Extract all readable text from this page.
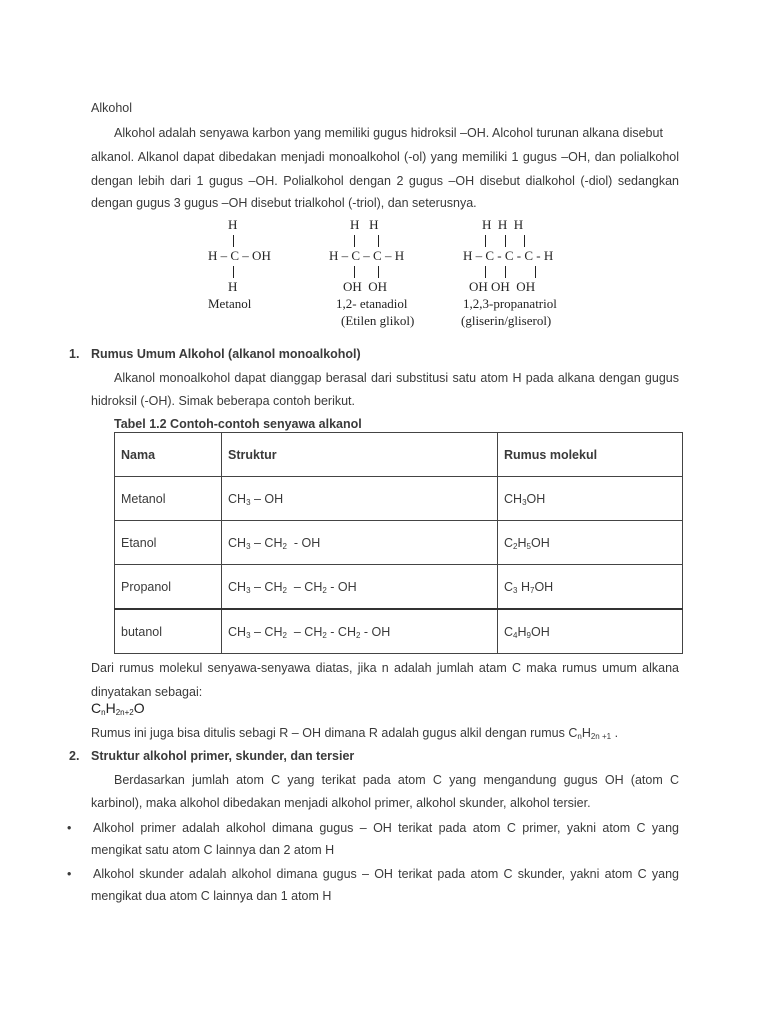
Alkohol
Alkohol adalah senyawa karbon yang memiliki gugus hidroksil –OH. Alcohol turunan alkana disebut
alkanol. Alkanol dapat dibedakan menjadi monoalkohol (-ol) yang memiliki 1 gugus –OH, dan polialkohol
dengan lebih dari 1 gugus –OH. Polialkohol dengan 2 gugus –OH disebut dialkohol (-diol) sedangkan
dengan gugus 3 gugus –OH disebut trialkohol (-triol), dan seterusnya.
H
H – C – OH
H
Metanol
H   H
H – C – C – H
OH  OH
1,2- etanadiol
(Etilen glikol)
H  H  H
H – C - C - C - H
OH OH  OH
1,2,3-propanatriol
(gliserin/gliserol)
1. Rumus Umum Alkohol (alkanol monoalkohol)
Alkanol monoalkohol dapat dianggap berasal dari substitusi satu atom H pada alkana dengan gugus
hidroksil (-OH). Simak beberapa contoh berikut.
Tabel 1.2 Contoh-contoh senyawa alkanol
Nama	Struktur	Rumus molekul
Metanol	$CH_3$ – OH	$CH_3OH$
Etanol	$CH_3 - CH_2$  - OH	$C_2H_5OH$
Propanol	$CH_3 - CH_2 - CH_2$ - OH	$C_3$ $H_7OH$
butanol	$CH_3 - CH_2 - CH_2 - CH_2$ - OH	$C_4H_9OH$
Dari rumus molekul senyawa-senyawa diatas, jika n adalah jumlah atam C maka rumus umum alkana
dinyatakan sebagai:
$C_nH_{2n+2}O$
Rumus ini juga bisa ditulis sebagi R – OH dimana R adalah gugus alkil dengan rumus $C_nH_{2n +1}$ .
2. Struktur alkohol primer, skunder, dan tersier
Berdasarkan jumlah atom C yang terikat pada atom C yang mengandung gugus OH (atom C
karbinol), maka alkohol dibedakan menjadi alkohol primer, alkohol skunder, alkohol tersier.
• Alkohol primer adalah alkohol dimana gugus – OH terikat pada atom C primer, yakni atom C yang
mengikat satu atom C lainnya dan 2 atom H
• Alkohol skunder adalah alkohol dimana gugus – OH terikat pada atom C skunder, yakni atom C yang
mengikat dua atom C lainnya dan 1 atom H
